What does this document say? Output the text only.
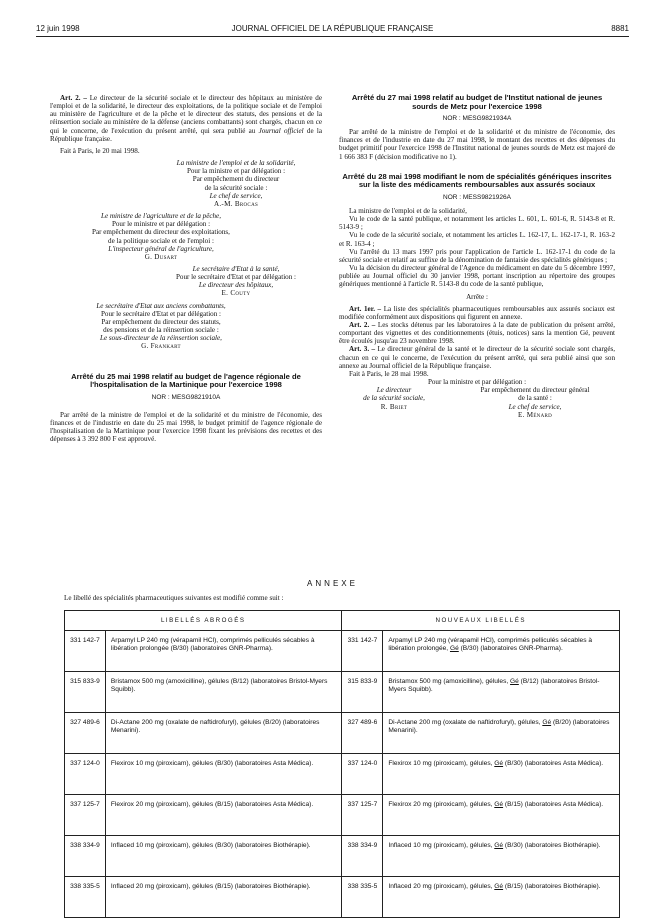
12 juin 1998	JOURNAL OFFICIEL DE LA RÉPUBLIQUE FRANÇAISE	8881

Art. 2. – Le directeur de la sécurité sociale et le directeur des hôpitaux au ministère de l'emploi et de la solidarité, le directeur des exploitations, de la politique sociale et de l'emploi au ministère de l'agriculture et de la pêche et le directeur des statuts, des pensions et de la réinsertion sociale au ministère de la défense (anciens combattants) sont chargés, chacun en ce qui le concerne, de l'exécution du présent arrêté, qui sera publié au Journal officiel de la République française.

Fait à Paris, le 20 mai 1998.

La ministre de l'emploi et de la solidarité,

Pour la ministre et par délégation :

Par empêchement du directeur

de la sécurité sociale :

Le chef de service,

A.-M. Brocas

Le ministre de l'agriculture et de la pêche,

Pour le ministre et par délégation :

Par empêchement du directeur des exploitations,

de la politique sociale et de l'emploi :

L'inspecteur général de l'agriculture,

G. Dusart

Le secrétaire d'Etat à la santé,

Pour le secrétaire d'Etat et par délégation :

Le directeur des hôpitaux,

E. Couty

Le secrétaire d'Etat aux anciens combattants,

Pour le secrétaire d'Etat et par délégation :

Par empêchement du directeur des statuts,

des pensions et de la réinsertion sociale :

Le sous-directeur de la réinsertion sociale,

G. Frankart

Arrêté du 25 mai 1998 relatif au budget de l'agence régionale de l'hospitalisation de la Martinique pour l'exercice 1998

NOR : MESG9821910A

Par arrêté de la ministre de l'emploi et de la solidarité et du ministre de l'économie, des finances et de l'industrie en date du 25 mai 1998, le budget primitif de l'agence régionale de l'hospitalisation de la Martinique pour l'exercice 1998 fixant les prévisions des recettes et des dépenses à 3 392 800 F est approuvé.

Arrêté du 27 mai 1998 relatif au budget de l'Institut national de jeunes sourds de Metz pour l'exercice 1998

NOR : MESG9821934A

Par arrêté de la ministre de l'emploi et de la solidarité et du ministre de l'économie, des finances et de l'industrie en date du 27 mai 1998, le montant des recettes et des dépenses du budget primitif pour l'exercice 1998 de l'Institut national de jeunes sourds de Metz est majoré de 1 666 383 F (décision modificative no 1).

Arrêté du 28 mai 1998 modifiant le nom de spécialités génériques inscrites sur la liste des médicaments remboursables aux assurés sociaux

NOR : MESS9821926A

La ministre de l'emploi et de la solidarité,

Vu le code de la santé publique, et notamment les articles L. 601, L. 601-6, R. 5143-8 et R. 5143-9 ;

Vu le code de la sécurité sociale, et notamment les articles L. 162-17, L. 162-17-1, R. 163-2 et R. 163-4 ;

Vu l'arrêté du 13 mars 1997 pris pour l'application de l'article L. 162-17-1 du code de la sécurité sociale et relatif au suffixe de la dénomination de fantaisie des spécialités génériques ;

Vu la décision du directeur général de l'Agence du médicament en date du 5 décembre 1997, publiée au Journal officiel du 30 janvier 1998, portant inscription au répertoire des groupes génériques mentionné à l'article R. 5143-8 du code de la santé publique,

Arrête :

Art. 1er. – La liste des spécialités pharmaceutiques remboursables aux assurés sociaux est modifiée conformément aux dispositions qui figurent en annexe.

Art. 2. – Les stocks détenus par les laboratoires à la date de publication du présent arrêté, comportant des vignettes et des conditionnements (étuis, notices) sans la mention Gé, peuvent être écoulés jusqu'au 23 novembre 1998.

Art. 3. – Le directeur général de la santé et le directeur de la sécurité sociale sont chargés, chacun en ce qui le concerne, de l'exécution du présent arrêté, qui sera publié ainsi que son annexe au Journal officiel de la République française.

Fait à Paris, le 28 mai 1998.

Pour la ministre et par délégation :

Le directeur

de la sécurité sociale,

R. Briet

Par empêchement du directeur général

de la santé :

Le chef de service,

E. Ménard

ANNEXE
Le libellé des spécialités pharmaceutiques suivantes est modifié comme suit :
LIBELLÉS ABROGÉS		NOUVEAUX LIBELLÉS	
331 142-7	Arpamyl LP 240 mg (vérapamil HCl), comprimés pelliculés sécables à libération prolongée (B/30) (laboratoires GNR-Pharma).	331 142-7	Arpamyl LP 240 mg (vérapamil HCl), comprimés pelliculés sécables à libération prolongée, Gé (B/30) (laboratoires GNR-Pharma).
315 833-9	Bristamox 500 mg (amoxicilline), gélules (B/12) (laboratoires Bristol-Myers Squibb).	315 833-9	Bristamox 500 mg (amoxicilline), gélules, Gé (B/12) (laboratoires Bristol-Myers Squibb).
327 489-6	Di-Actane 200 mg (oxalate de naftidrofuryl), gélules (B/20) (laboratoires Menarini).	327 489-6	Di-Actane 200 mg (oxalate de naftidrofuryl), gélules, Gé (B/20) (laboratoires Menarini).
337 124-0	Flexirox 10 mg (piroxicam), gélules (B/30) (laboratoires Asta Médica).	337 124-0	Flexirox 10 mg (piroxicam), gélules, Gé (B/30) (laboratoires Asta Médica).
337 125-7	Flexirox 20 mg (piroxicam), gélules (B/15) (laboratoires Asta Médica).	337 125-7	Flexirox 20 mg (piroxicam), gélules, Gé (B/15) (laboratoires Asta Médica).
338 334-9	Inflaced 10 mg (piroxicam), gélules (B/30) (laboratoires Biothérapie).	338 334-9	Inflaced 10 mg (piroxicam), gélules, Gé (B/30) (laboratoires Biothérapie).
338 335-5	Inflaced 20 mg (piroxicam), gélules (B/15) (laboratoires Biothérapie).	338 335-5	Inflaced 20 mg (piroxicam), gélules, Gé (B/15) (laboratoires Biothérapie).
